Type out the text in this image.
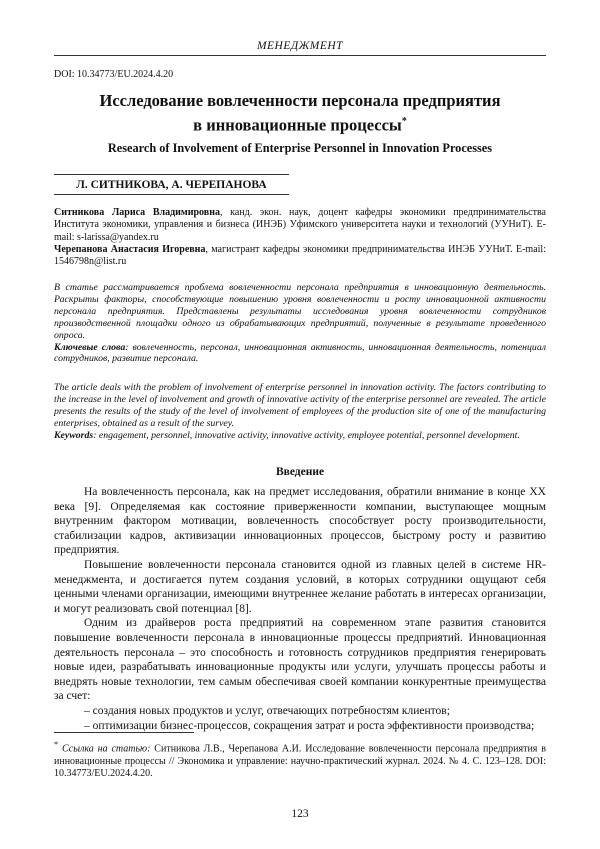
МЕНЕДЖМЕНТ
DOI: 10.34773/EU.2024.4.20
Исследование вовлеченности персонала предприятия
в инновационные процессы*
Research of Involvement of Enterprise Personnel in Innovation Processes
Л. СИТНИКОВА, А. ЧЕРЕПАНОВА

Ситникова Лариса Владимировна, канд. экон. наук, доцент кафедры экономики предпринимательства Института экономики, управления и бизнеса (ИНЭБ) Уфимского университета науки и технологий (УУНиТ). E-mail: s-larissa@yandex.ru

Черепанова Анастасия Игоревна, магистрант кафедры экономики предпринимательства ИНЭБ УУНиТ. E-mail: 1546798n@list.ru

В статье рассматривается проблема вовлеченности персонала предприятия в инновационную деятельность. Раскрыты факторы, способствующие повышению уровня вовлеченности и росту инновационной активности персонала предприятия. Представлены результаты исследования уровня вовлеченности сотрудников производственной площадки одного из обрабатывающих предприятий, полученные в результате проведенного опроса.

Ключевые слова: вовлеченность, персонал, инновационная активность, инновационная деятельность, потенциал сотрудников, развитие персонала.

The article deals with the problem of involvement of enterprise personnel in innovation activity. The factors contributing to the increase in the level of involvement and growth of innovative activity of the enterprise personnel are revealed. The article presents the results of the study of the level of involvement of employees of the production site of one of the manufacturing enterprises, obtained as a result of the survey.

Keywords: engagement, personnel, innovative activity, innovative activity, employee potential, personnel development.

Введение

На вовлеченность персонала, как на предмет исследования, обратили внимание в конце XX века [9]. Определяемая как состояние приверженности компании, выступающее мощным внутренним фактором мотивации, вовлеченность способствует росту производительности, стабилизации кадров, активизации инновационных процессов, быстрому росту и развитию предприятия.

Повышение вовлеченности персонала становится одной из главных целей в системе HR-менеджмента, и достигается путем создания условий, в которых сотрудники ощущают себя ценными членами организации, имеющими внутреннее желание работать в интересах организации, и могут реализовать свой потенциал [8].

Одним из драйверов роста предприятий на современном этапе развития становится повышение вовлеченности персонала в инновационные процессы предприятий. Инновационная деятельность персонала – это способность и готовность сотрудников предприятия генерировать новые идеи, разрабатывать инновационные продукты или услуги, улучшать процессы работы и внедрять новые технологии, тем самым обеспечивая своей компании конкурентные преимущества за счет:

– создания новых продуктов и услуг, отвечающих потребностям клиентов;

– оптимизации бизнес-процессов, сокращения затрат и роста эффективности производства;

* Ссылка на статью: Ситникова Л.В., Черепанова А.И. Исследование вовлеченности персонала предприятия в инновационные процессы // Экономика и управление: научно-практический журнал. 2024. № 4. С. 123–128. DOI: 10.34773/EU.2024.4.20.
123
